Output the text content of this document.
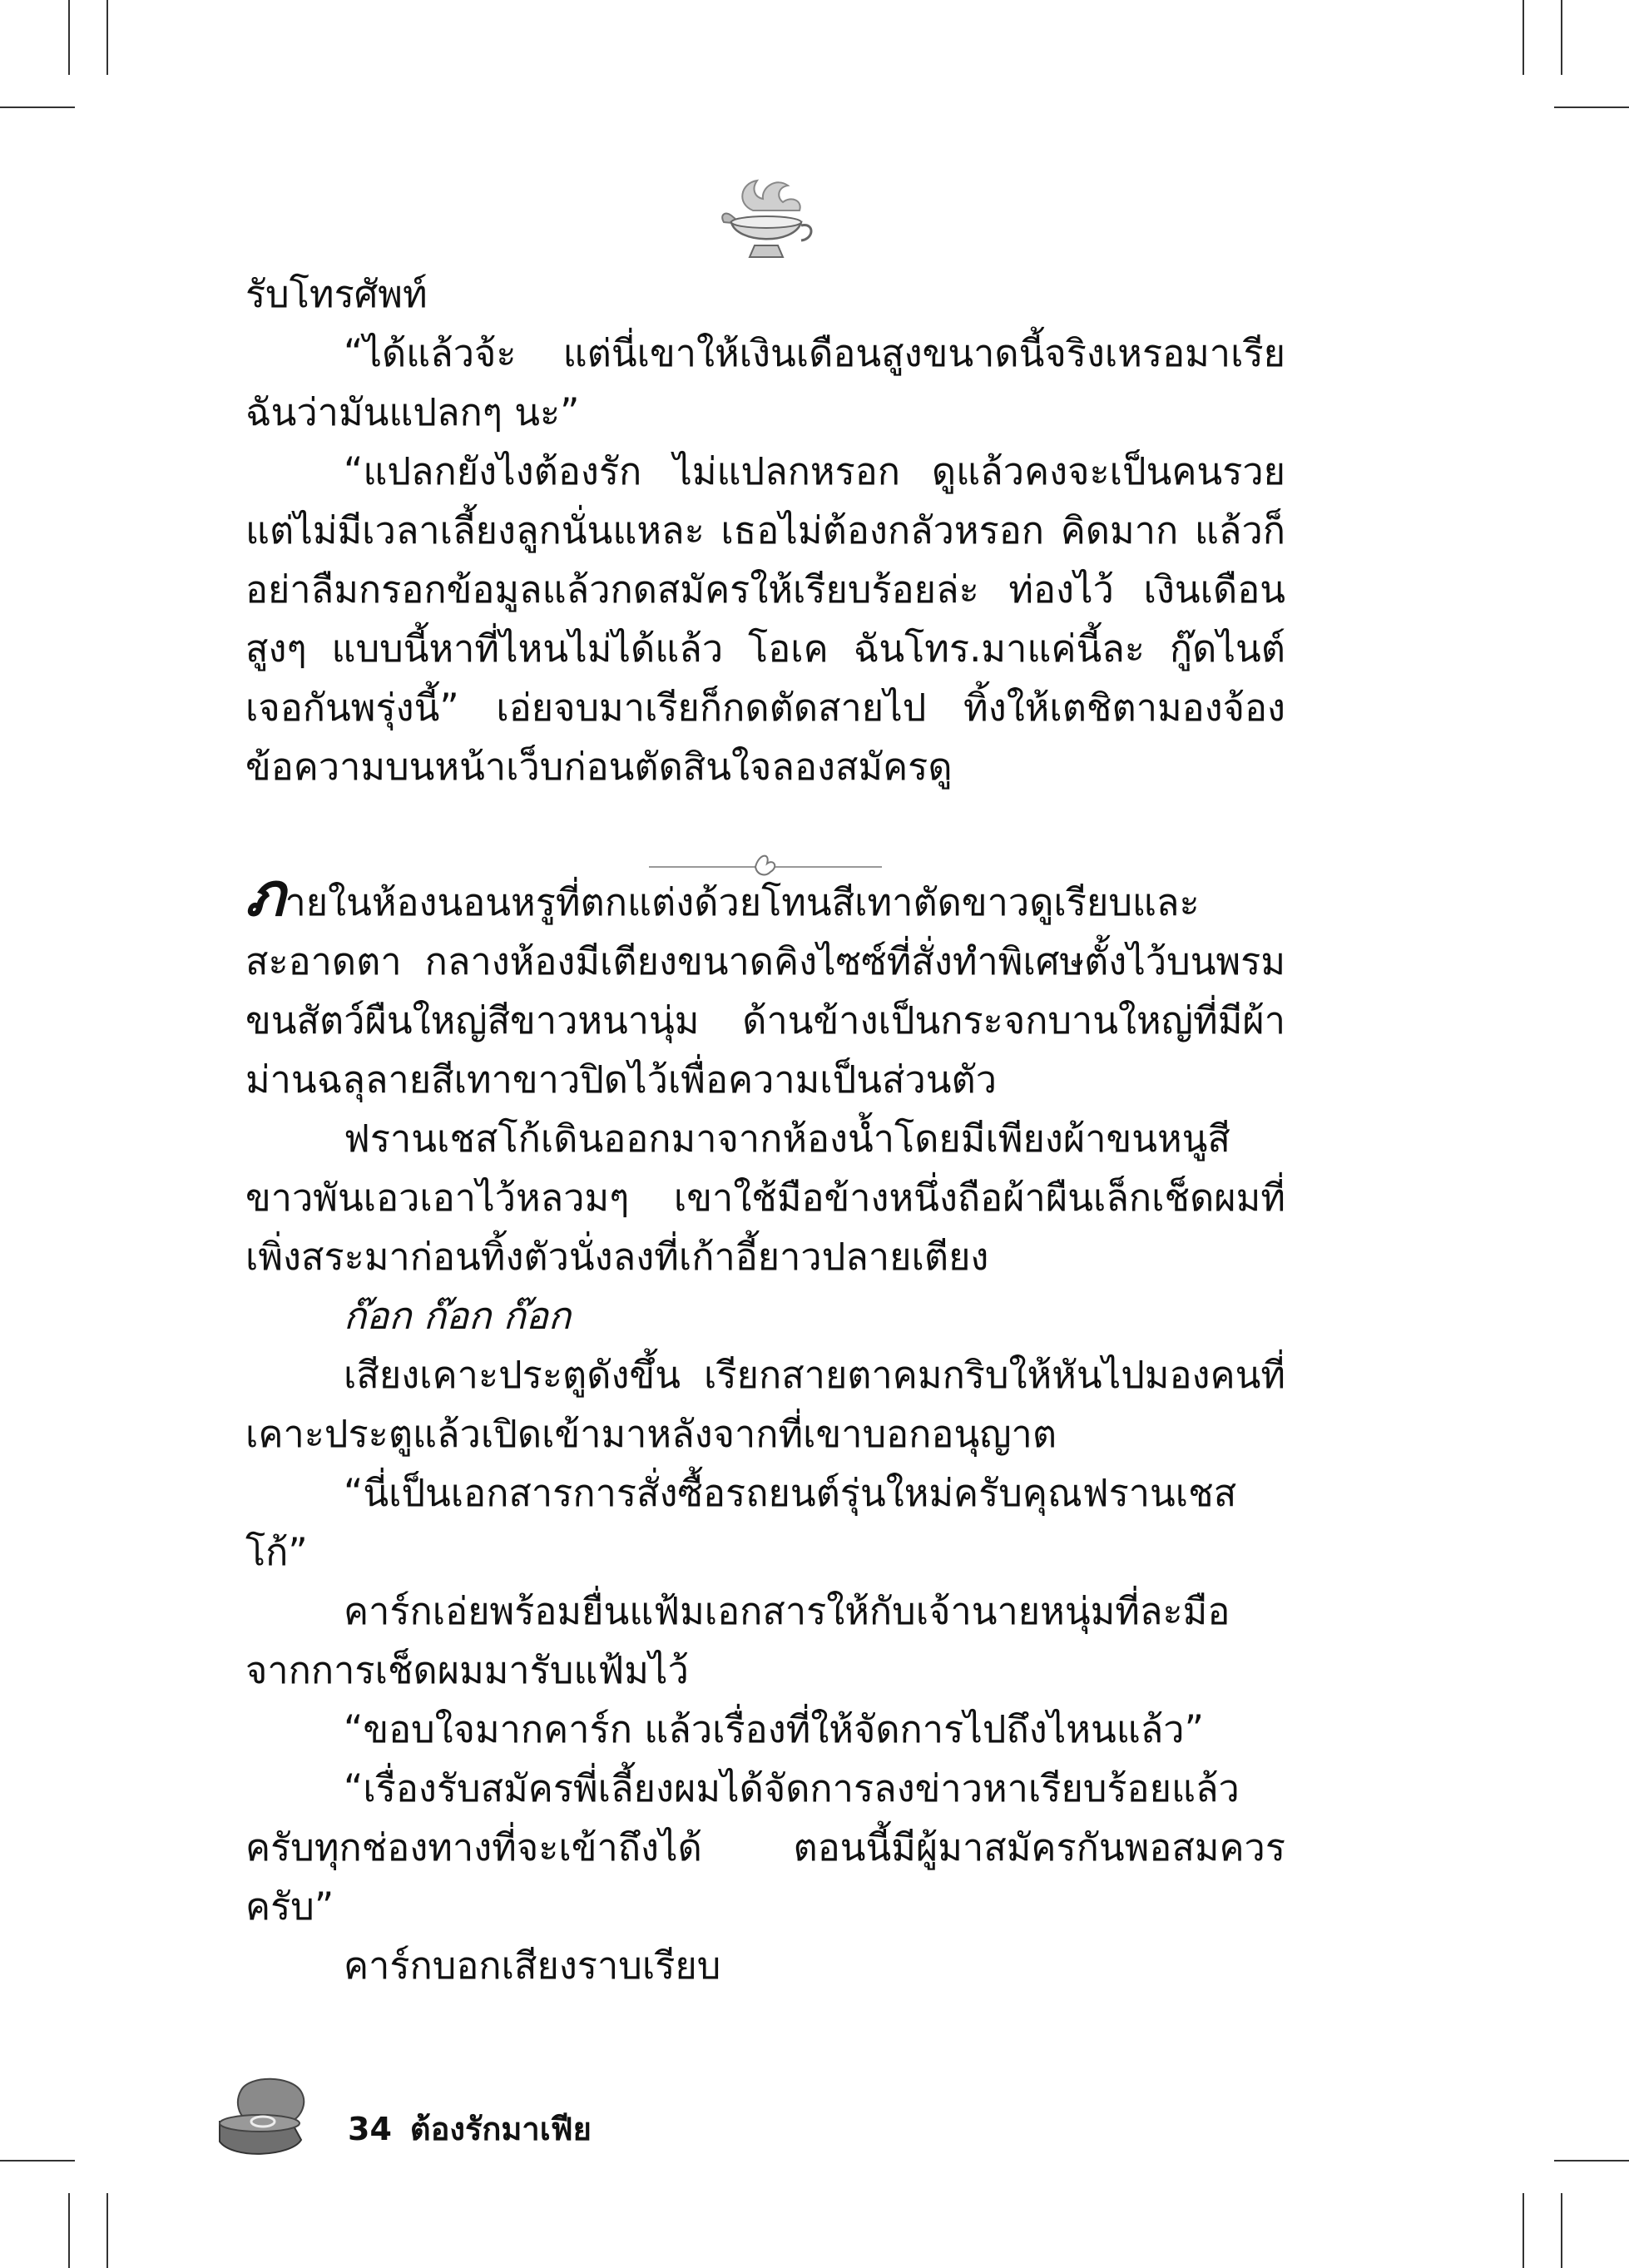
รับโทรศัพท์

“ได้แล้วจ้ะ แต่นี่เขาให้เงินเดือนสูงขนาดนี้จริงเหรอมาเรีย ฉันว่ามันแปลกๆ นะ”

“แปลกยังไงต้องรัก ไม่แปลกหรอก ดูแล้วคงจะเป็นคนรวยแต่ไม่มีเวลาเลี้ยงลูกนั่นแหละ เธอไม่ต้องกลัวหรอก คิดมาก แล้วก็อย่าลืมกรอกข้อมูลแล้วกดสมัครให้เรียบร้อยล่ะ ท่องไว้ เงินเดือนสูงๆ แบบนี้หาที่ไหนไม่ได้แล้ว โอเค ฉันโทร.มาแค่นี้ละ กู๊ดไนต์ เจอกันพรุ่งนี้” เอ่ยจบมาเรียก็กดตัดสายไป ทิ้งให้เตชิตามองจ้องข้อความบนหน้าเว็บก่อนตัดสินใจลองสมัครดู

ภายในห้องนอนหรูที่ตกแต่งด้วยโทนสีเทาตัดขาวดูเรียบและสะอาดตา กลางห้องมีเตียงขนาดคิงไซซ์ที่สั่งทำพิเศษตั้งไว้บนพรมขนสัตว์ผืนใหญ่สีขาวหนานุ่ม ด้านข้างเป็นกระจกบานใหญ่ที่มีผ้าม่านฉลุลายสีเทาขาวปิดไว้เพื่อความเป็นส่วนตัว

ฟรานเชสโก้เดินออกมาจากห้องน้ำโดยมีเพียงผ้าขนหนูสีขาวพันเอวเอาไว้หลวมๆ เขาใช้มือข้างหนึ่งถือผ้าผืนเล็กเช็ดผมที่เพิ่งสระมาก่อนทิ้งตัวนั่งลงที่เก้าอี้ยาวปลายเตียง

ก๊อก ก๊อก ก๊อก

เสียงเคาะประตูดังขึ้น เรียกสายตาคมกริบให้หันไปมองคนที่เคาะประตูแล้วเปิดเข้ามาหลังจากที่เขาบอกอนุญาต

“นี่เป็นเอกสารการสั่งซื้อรถยนต์รุ่นใหม่ครับคุณฟรานเชสโก้”

คาร์กเอ่ยพร้อมยื่นแฟ้มเอกสารให้กับเจ้านายหนุ่มที่ละมือจากการเช็ดผมมารับแฟ้มไว้

“ขอบใจมากคาร์ก แล้วเรื่องที่ให้จัดการไปถึงไหนแล้ว”

“เรื่องรับสมัครพี่เลี้ยงผมได้จัดการลงข่าวหาเรียบร้อยแล้วครับทุกช่องทางที่จะเข้าถึงได้ ตอนนี้มีผู้มาสมัครกันพอสมควรครับ”

คาร์กบอกเสียงราบเรียบ

34 ต้องรักมาเฟีย
